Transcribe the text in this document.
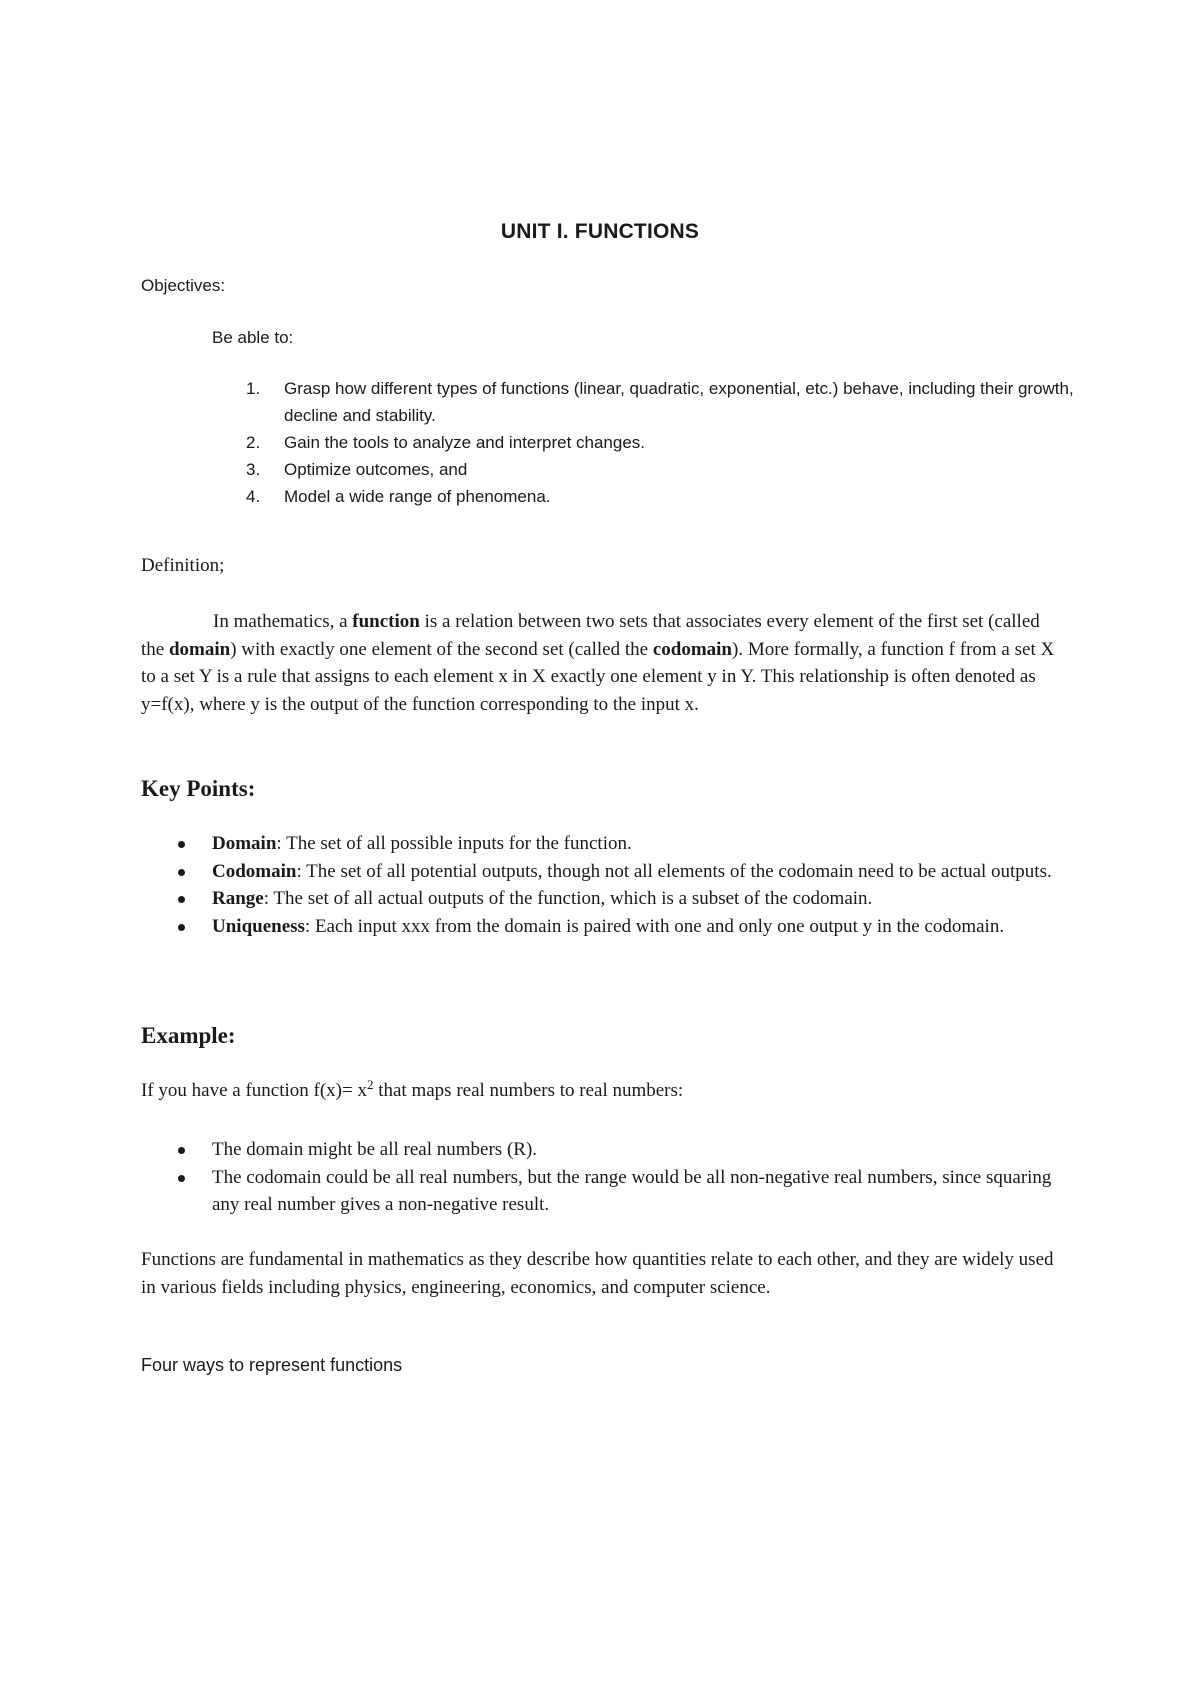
UNIT I. FUNCTIONS
Objectives:
Be able to:
1. Grasp how different types of functions (linear, quadratic, exponential, etc.) behave, including their growth, decline and stability.
2. Gain the tools to analyze and interpret changes.
3. Optimize outcomes, and
4. Model a wide range of phenomena.
Definition;

In mathematics, a function is a relation between two sets that associates every element of the first set (called the domain) with exactly one element of the second set (called the codomain). More formally, a function f from a set X to a set Y is a rule that assigns to each element x in X exactly one element y in Y. This relationship is often denoted as y=f(x), where y is the output of the function corresponding to the input x.

Key Points:
Domain: The set of all possible inputs for the function.
Codomain: The set of all potential outputs, though not all elements of the codomain need to be actual outputs.
Range: The set of all actual outputs of the function, which is a subset of the codomain.
Uniqueness: Each input xxx from the domain is paired with one and only one output y in the codomain.
Example:
If you have a function $f(x)= x^2$ that maps real numbers to real numbers:
The domain might be all real numbers (R).
The codomain could be all real numbers, but the range would be all non-negative real numbers, since squaring any real number gives a non-negative result.

Functions are fundamental in mathematics as they describe how quantities relate to each other, and they are widely used in various fields including physics, engineering, economics, and computer science.

Four ways to represent functions
